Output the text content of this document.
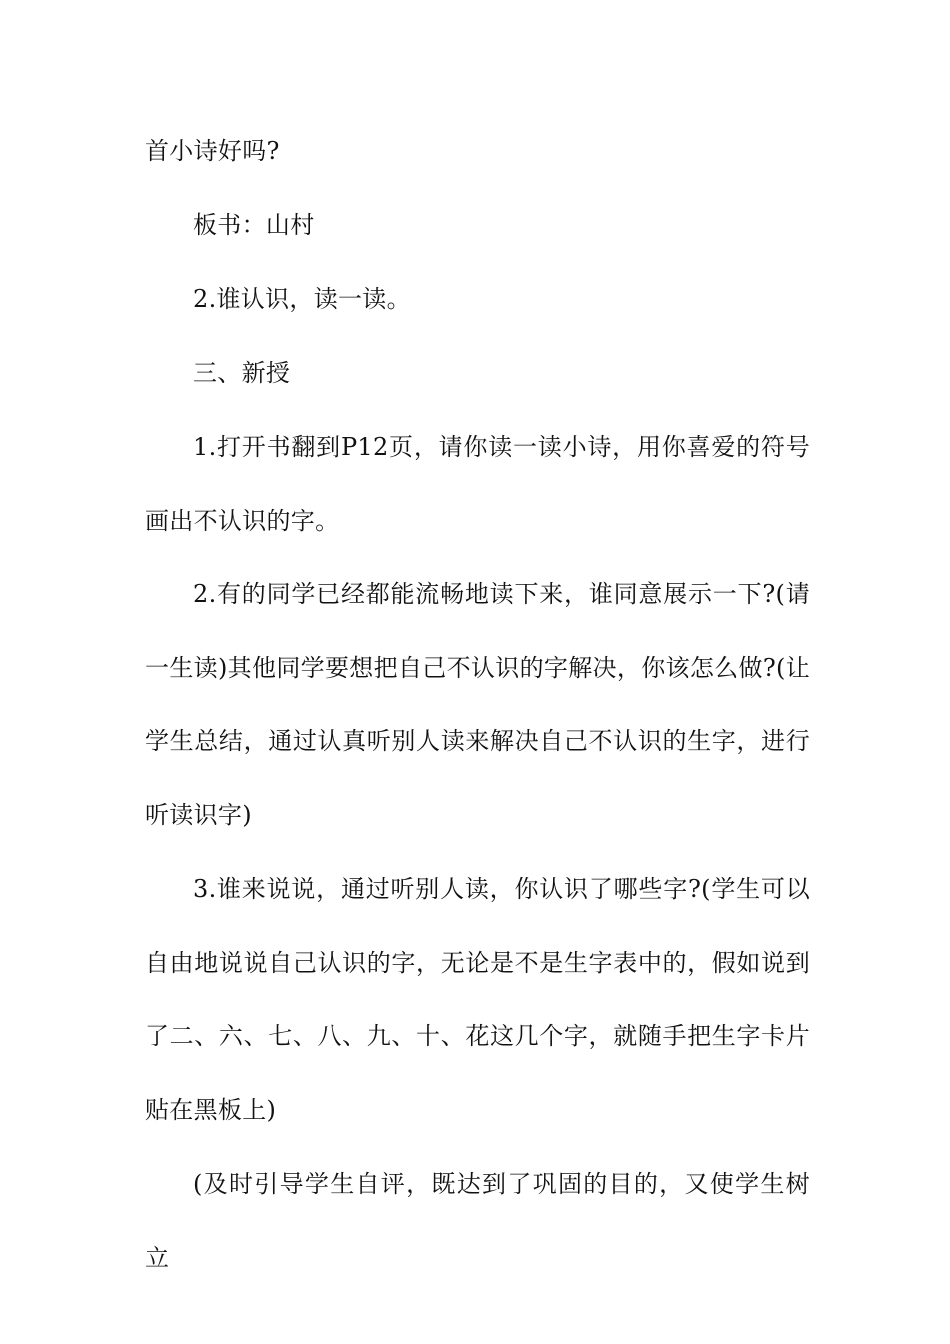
首小诗好吗?

板书：山村

2.谁认识，读一读。

三、新授

1.打开书翻到P12页，请你读一读小诗，用你喜爱的符号画出不认识的字。

2.有的同学已经都能流畅地读下来，谁同意展示一下?(请一生读)其他同学要想把自己不认识的字解决，你该怎么做?(让学生总结，通过认真听别人读来解决自己不认识的生字，进行听读识字)

3.谁来说说，通过听别人读，你认识了哪些字?(学生可以自由地说说自己认识的字，无论是不是生字表中的，假如说到了二、六、七、八、九、十、花这几个字，就随手把生字卡片贴在黑板上)

(及时引导学生自评，既达到了巩固的目的，又使学生树立
